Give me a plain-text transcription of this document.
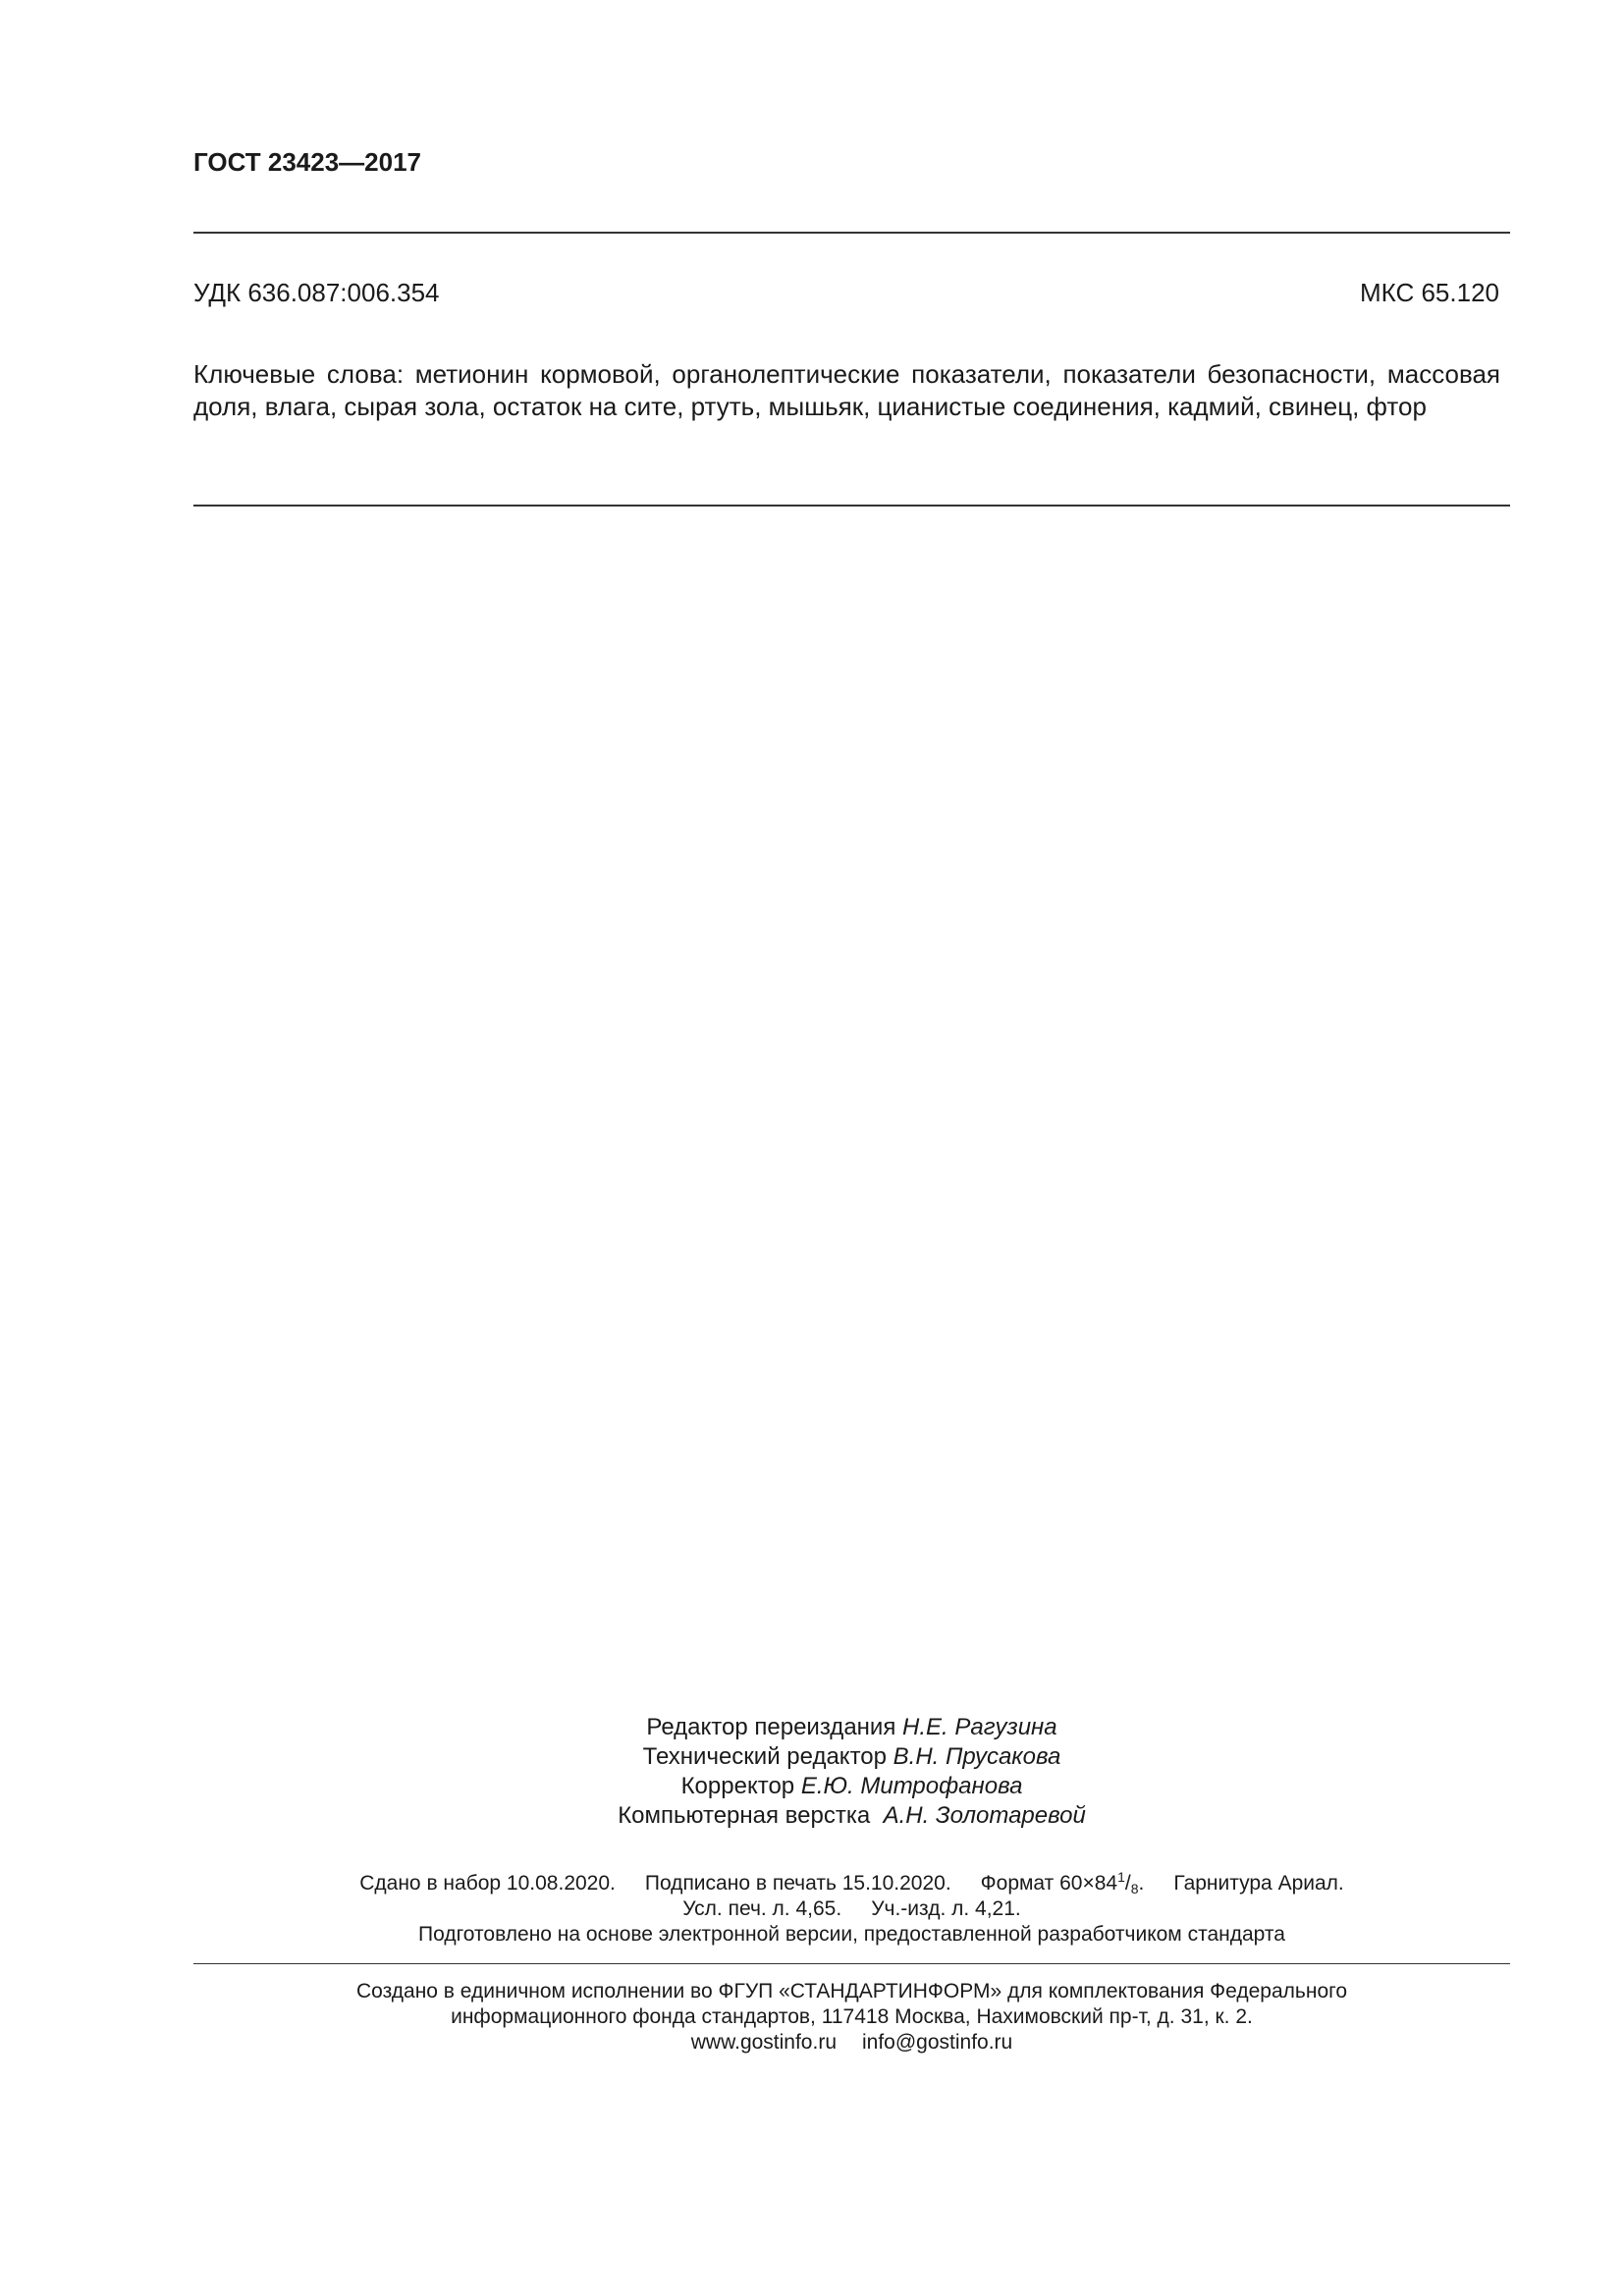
ГОСТ 23423—2017
УДК 636.087:006.354	МКС 65.120
Ключевые слова: метионин кормовой, органолептические показатели, показатели безопасности, массовая доля, влага, сырая зола, остаток на сите, ртуть, мышьяк, цианистые соединения, кадмий, свинец, фтор
Редактор переиздания Н.Е. Рагузина
Технический редактор В.Н. Прусакова
Корректор Е.Ю. Митрофанова
Компьютерная верстка  А.Н. Золотаревой
Сдано в набор 10.08.2020. Подписано в печать 15.10.2020. Формат $60\times 84^1/_8$. Гарнитура Ариал.
Усл. печ. л. 4,65. Уч.-изд. л. 4,21.
Подготовлено на основе электронной версии, предоставленной разработчиком стандарта
Создано в единичном исполнении во ФГУП «СТАНДАРТИНФОРМ» для комплектования Федерального
информационного фонда стандартов, 117418 Москва, Нахимовский пр-т, д. 31, к. 2.
www.gostinfo.ru info@gostinfo.ru
